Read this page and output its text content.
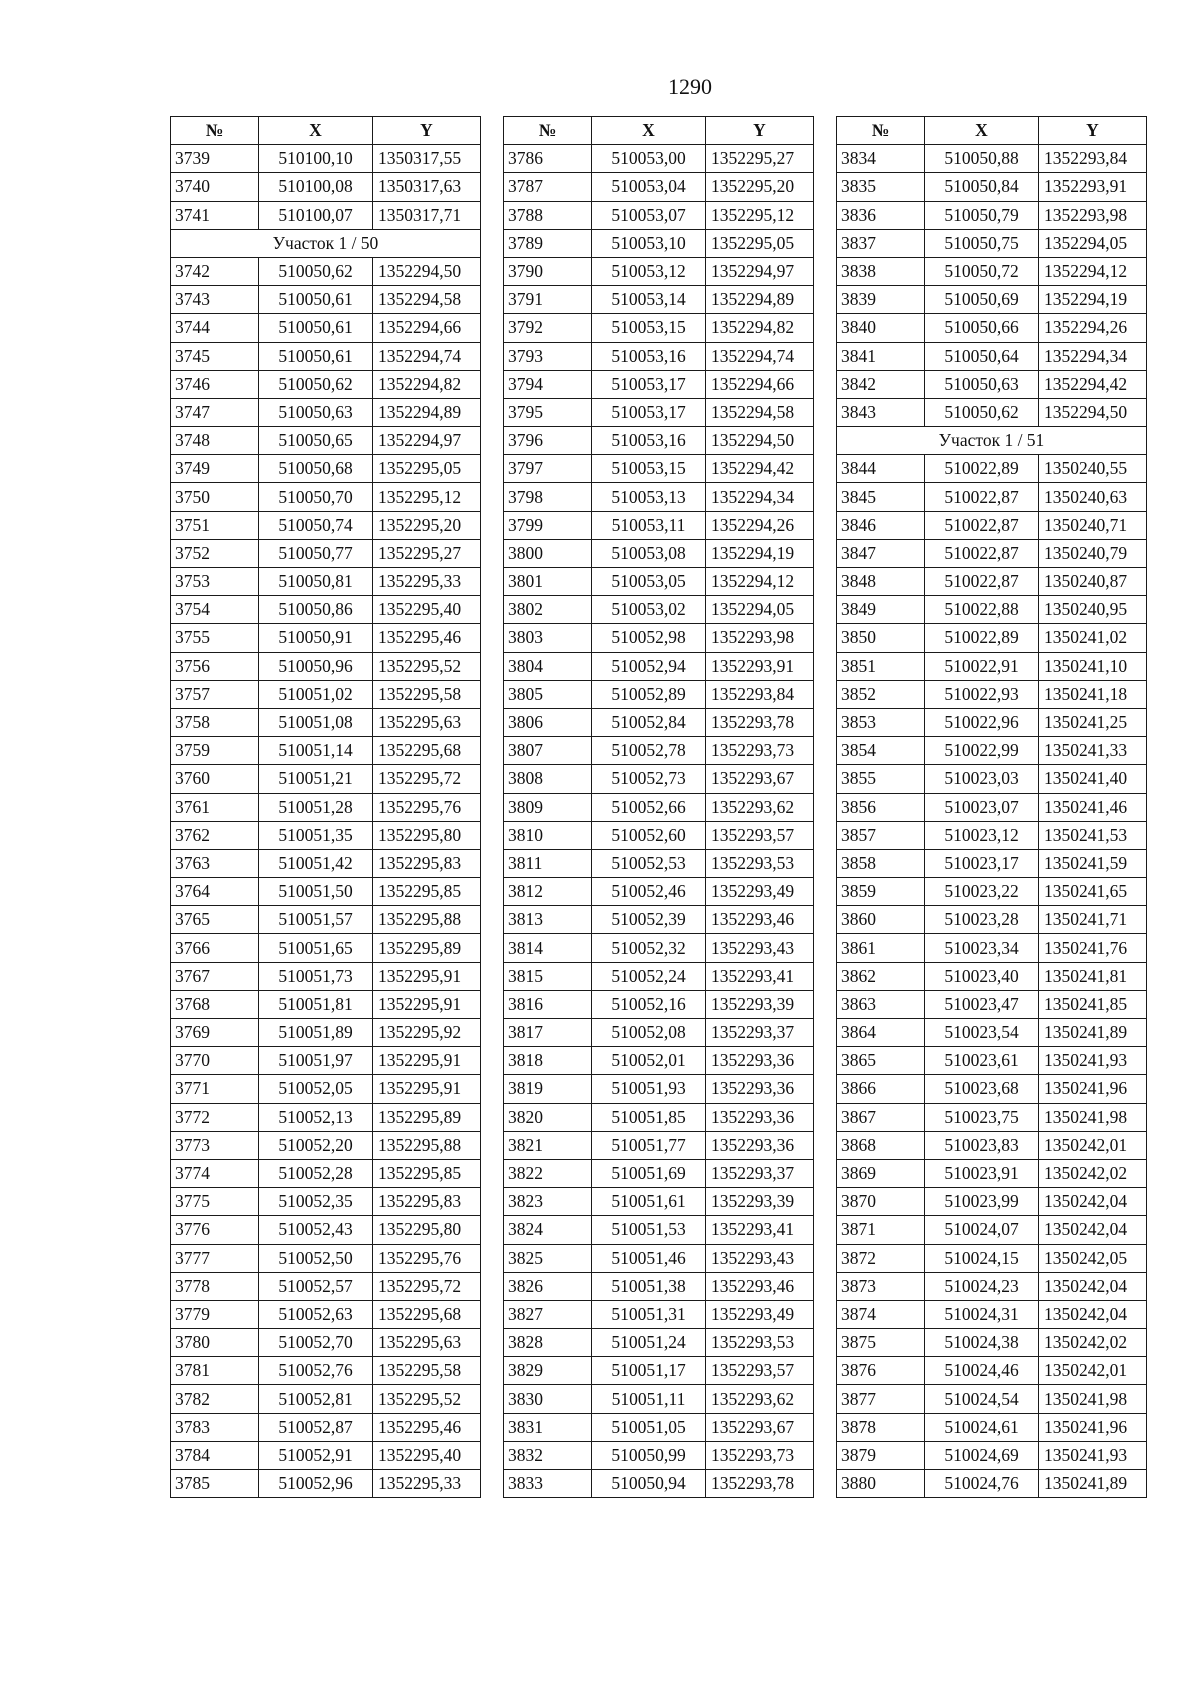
1290
№	X	Y
3739	510100,10	1350317,55
3740	510100,08	1350317,63
3741	510100,07	1350317,71
Участок 1 / 50		
3742	510050,62	1352294,50
3743	510050,61	1352294,58
3744	510050,61	1352294,66
3745	510050,61	1352294,74
3746	510050,62	1352294,82
3747	510050,63	1352294,89
3748	510050,65	1352294,97
3749	510050,68	1352295,05
3750	510050,70	1352295,12
3751	510050,74	1352295,20
3752	510050,77	1352295,27
3753	510050,81	1352295,33
3754	510050,86	1352295,40
3755	510050,91	1352295,46
3756	510050,96	1352295,52
3757	510051,02	1352295,58
3758	510051,08	1352295,63
3759	510051,14	1352295,68
3760	510051,21	1352295,72
3761	510051,28	1352295,76
3762	510051,35	1352295,80
3763	510051,42	1352295,83
3764	510051,50	1352295,85
3765	510051,57	1352295,88
3766	510051,65	1352295,89
3767	510051,73	1352295,91
3768	510051,81	1352295,91
3769	510051,89	1352295,92
3770	510051,97	1352295,91
3771	510052,05	1352295,91
3772	510052,13	1352295,89
3773	510052,20	1352295,88
3774	510052,28	1352295,85
3775	510052,35	1352295,83
3776	510052,43	1352295,80
3777	510052,50	1352295,76
3778	510052,57	1352295,72
3779	510052,63	1352295,68
3780	510052,70	1352295,63
3781	510052,76	1352295,58
3782	510052,81	1352295,52
3783	510052,87	1352295,46
3784	510052,91	1352295,40
3785	510052,96	1352295,33
№	X	Y
3786	510053,00	1352295,27
3787	510053,04	1352295,20
3788	510053,07	1352295,12
3789	510053,10	1352295,05
3790	510053,12	1352294,97
3791	510053,14	1352294,89
3792	510053,15	1352294,82
3793	510053,16	1352294,74
3794	510053,17	1352294,66
3795	510053,17	1352294,58
3796	510053,16	1352294,50
3797	510053,15	1352294,42
3798	510053,13	1352294,34
3799	510053,11	1352294,26
3800	510053,08	1352294,19
3801	510053,05	1352294,12
3802	510053,02	1352294,05
3803	510052,98	1352293,98
3804	510052,94	1352293,91
3805	510052,89	1352293,84
3806	510052,84	1352293,78
3807	510052,78	1352293,73
3808	510052,73	1352293,67
3809	510052,66	1352293,62
3810	510052,60	1352293,57
3811	510052,53	1352293,53
3812	510052,46	1352293,49
3813	510052,39	1352293,46
3814	510052,32	1352293,43
3815	510052,24	1352293,41
3816	510052,16	1352293,39
3817	510052,08	1352293,37
3818	510052,01	1352293,36
3819	510051,93	1352293,36
3820	510051,85	1352293,36
3821	510051,77	1352293,36
3822	510051,69	1352293,37
3823	510051,61	1352293,39
3824	510051,53	1352293,41
3825	510051,46	1352293,43
3826	510051,38	1352293,46
3827	510051,31	1352293,49
3828	510051,24	1352293,53
3829	510051,17	1352293,57
3830	510051,11	1352293,62
3831	510051,05	1352293,67
3832	510050,99	1352293,73
3833	510050,94	1352293,78
№	X	Y
3834	510050,88	1352293,84
3835	510050,84	1352293,91
3836	510050,79	1352293,98
3837	510050,75	1352294,05
3838	510050,72	1352294,12
3839	510050,69	1352294,19
3840	510050,66	1352294,26
3841	510050,64	1352294,34
3842	510050,63	1352294,42
3843	510050,62	1352294,50
Участок 1 / 51		
3844	510022,89	1350240,55
3845	510022,87	1350240,63
3846	510022,87	1350240,71
3847	510022,87	1350240,79
3848	510022,87	1350240,87
3849	510022,88	1350240,95
3850	510022,89	1350241,02
3851	510022,91	1350241,10
3852	510022,93	1350241,18
3853	510022,96	1350241,25
3854	510022,99	1350241,33
3855	510023,03	1350241,40
3856	510023,07	1350241,46
3857	510023,12	1350241,53
3858	510023,17	1350241,59
3859	510023,22	1350241,65
3860	510023,28	1350241,71
3861	510023,34	1350241,76
3862	510023,40	1350241,81
3863	510023,47	1350241,85
3864	510023,54	1350241,89
3865	510023,61	1350241,93
3866	510023,68	1350241,96
3867	510023,75	1350241,98
3868	510023,83	1350242,01
3869	510023,91	1350242,02
3870	510023,99	1350242,04
3871	510024,07	1350242,04
3872	510024,15	1350242,05
3873	510024,23	1350242,04
3874	510024,31	1350242,04
3875	510024,38	1350242,02
3876	510024,46	1350242,01
3877	510024,54	1350241,98
3878	510024,61	1350241,96
3879	510024,69	1350241,93
3880	510024,76	1350241,89
